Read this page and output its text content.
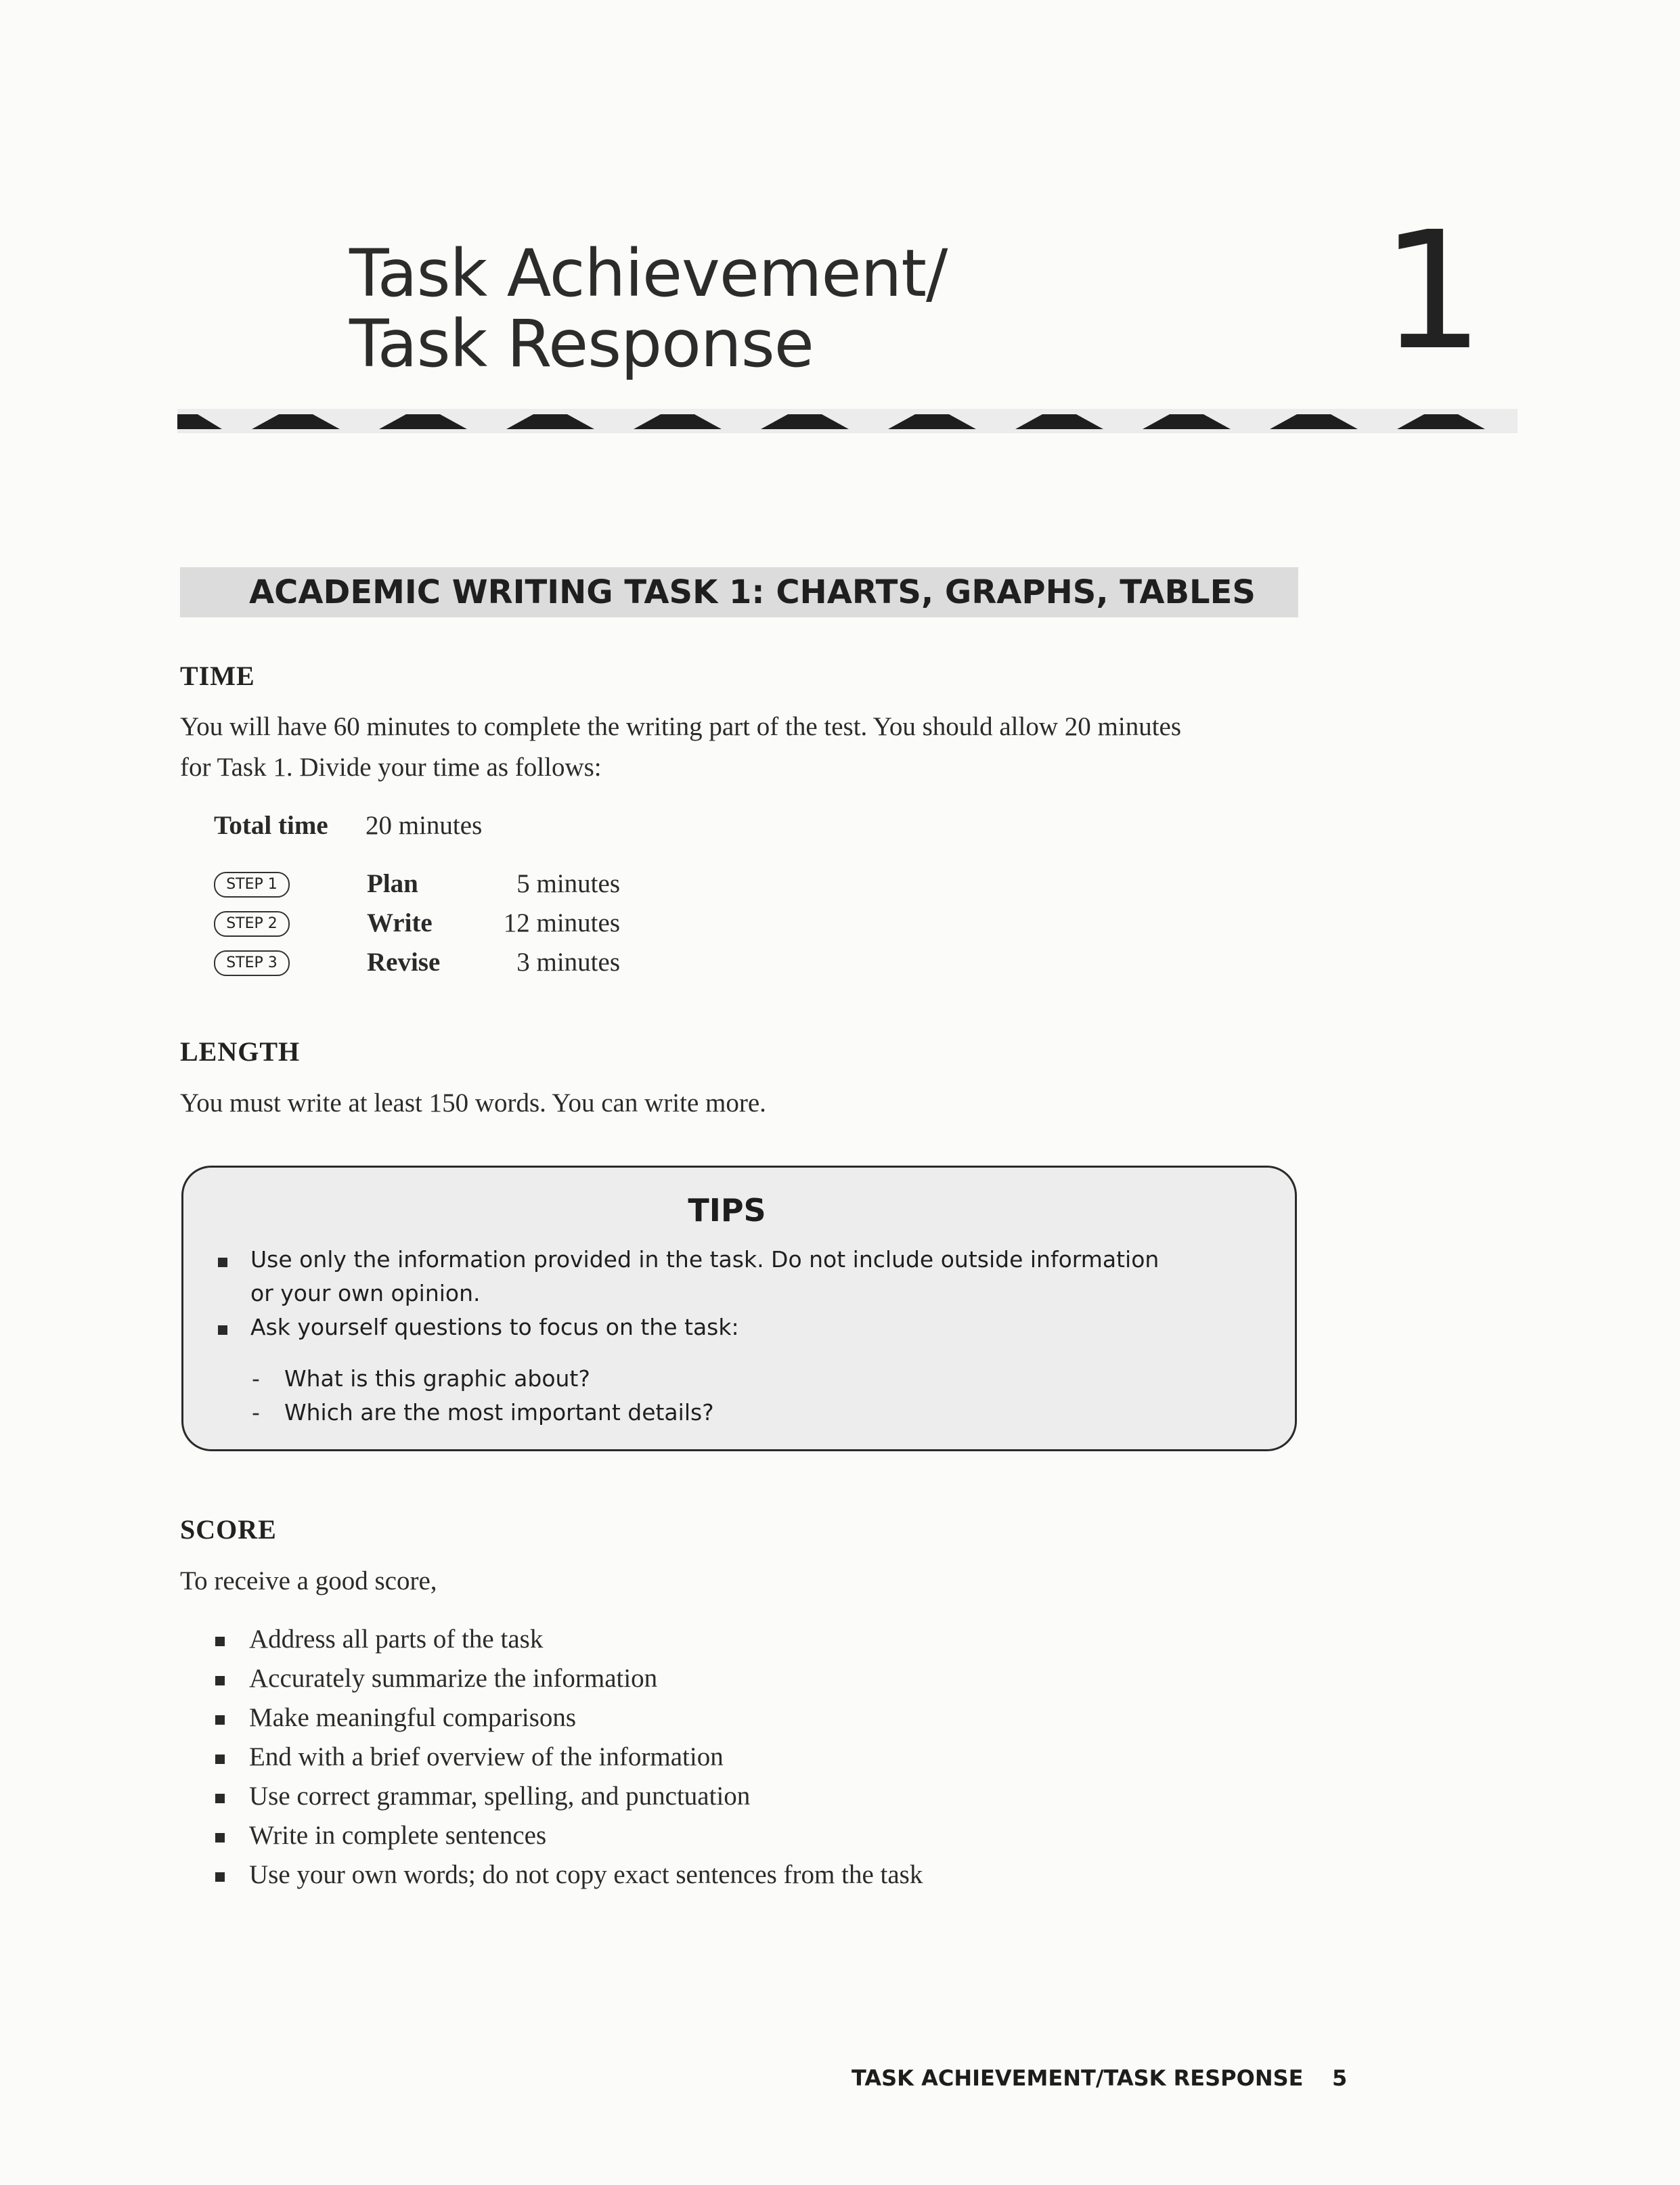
Task Achievement/
Task Response	1
ACADEMIC WRITING TASK 1: CHARTS, GRAPHS, TABLES
TIME
You will have 60 minutes to complete the writing part of the test. You should allow 20 minutes
for Task 1. Divide your time as follows:
Total time 20 minutes
STEP 1	Plan	5 minutes
STEP 2	Write	12 minutes
STEP 3	Revise	3 minutes
LENGTH
You must write at least 150 words. You can write more.
TIPS
Use only the information provided in the task. Do not include outside information
or your own opinion.
Ask yourself questions to focus on the task:
- What is this graphic about?
- Which are the most important details?
SCORE
To receive a good score,
Address all parts of the task
Accurately summarize the information
Make meaningful comparisons
End with a brief overview of the information
Use correct grammar, spelling, and punctuation
Write in complete sentences
Use your own words; do not copy exact sentences from the task
TASK ACHIEVEMENT/TASK RESPONSE 5
